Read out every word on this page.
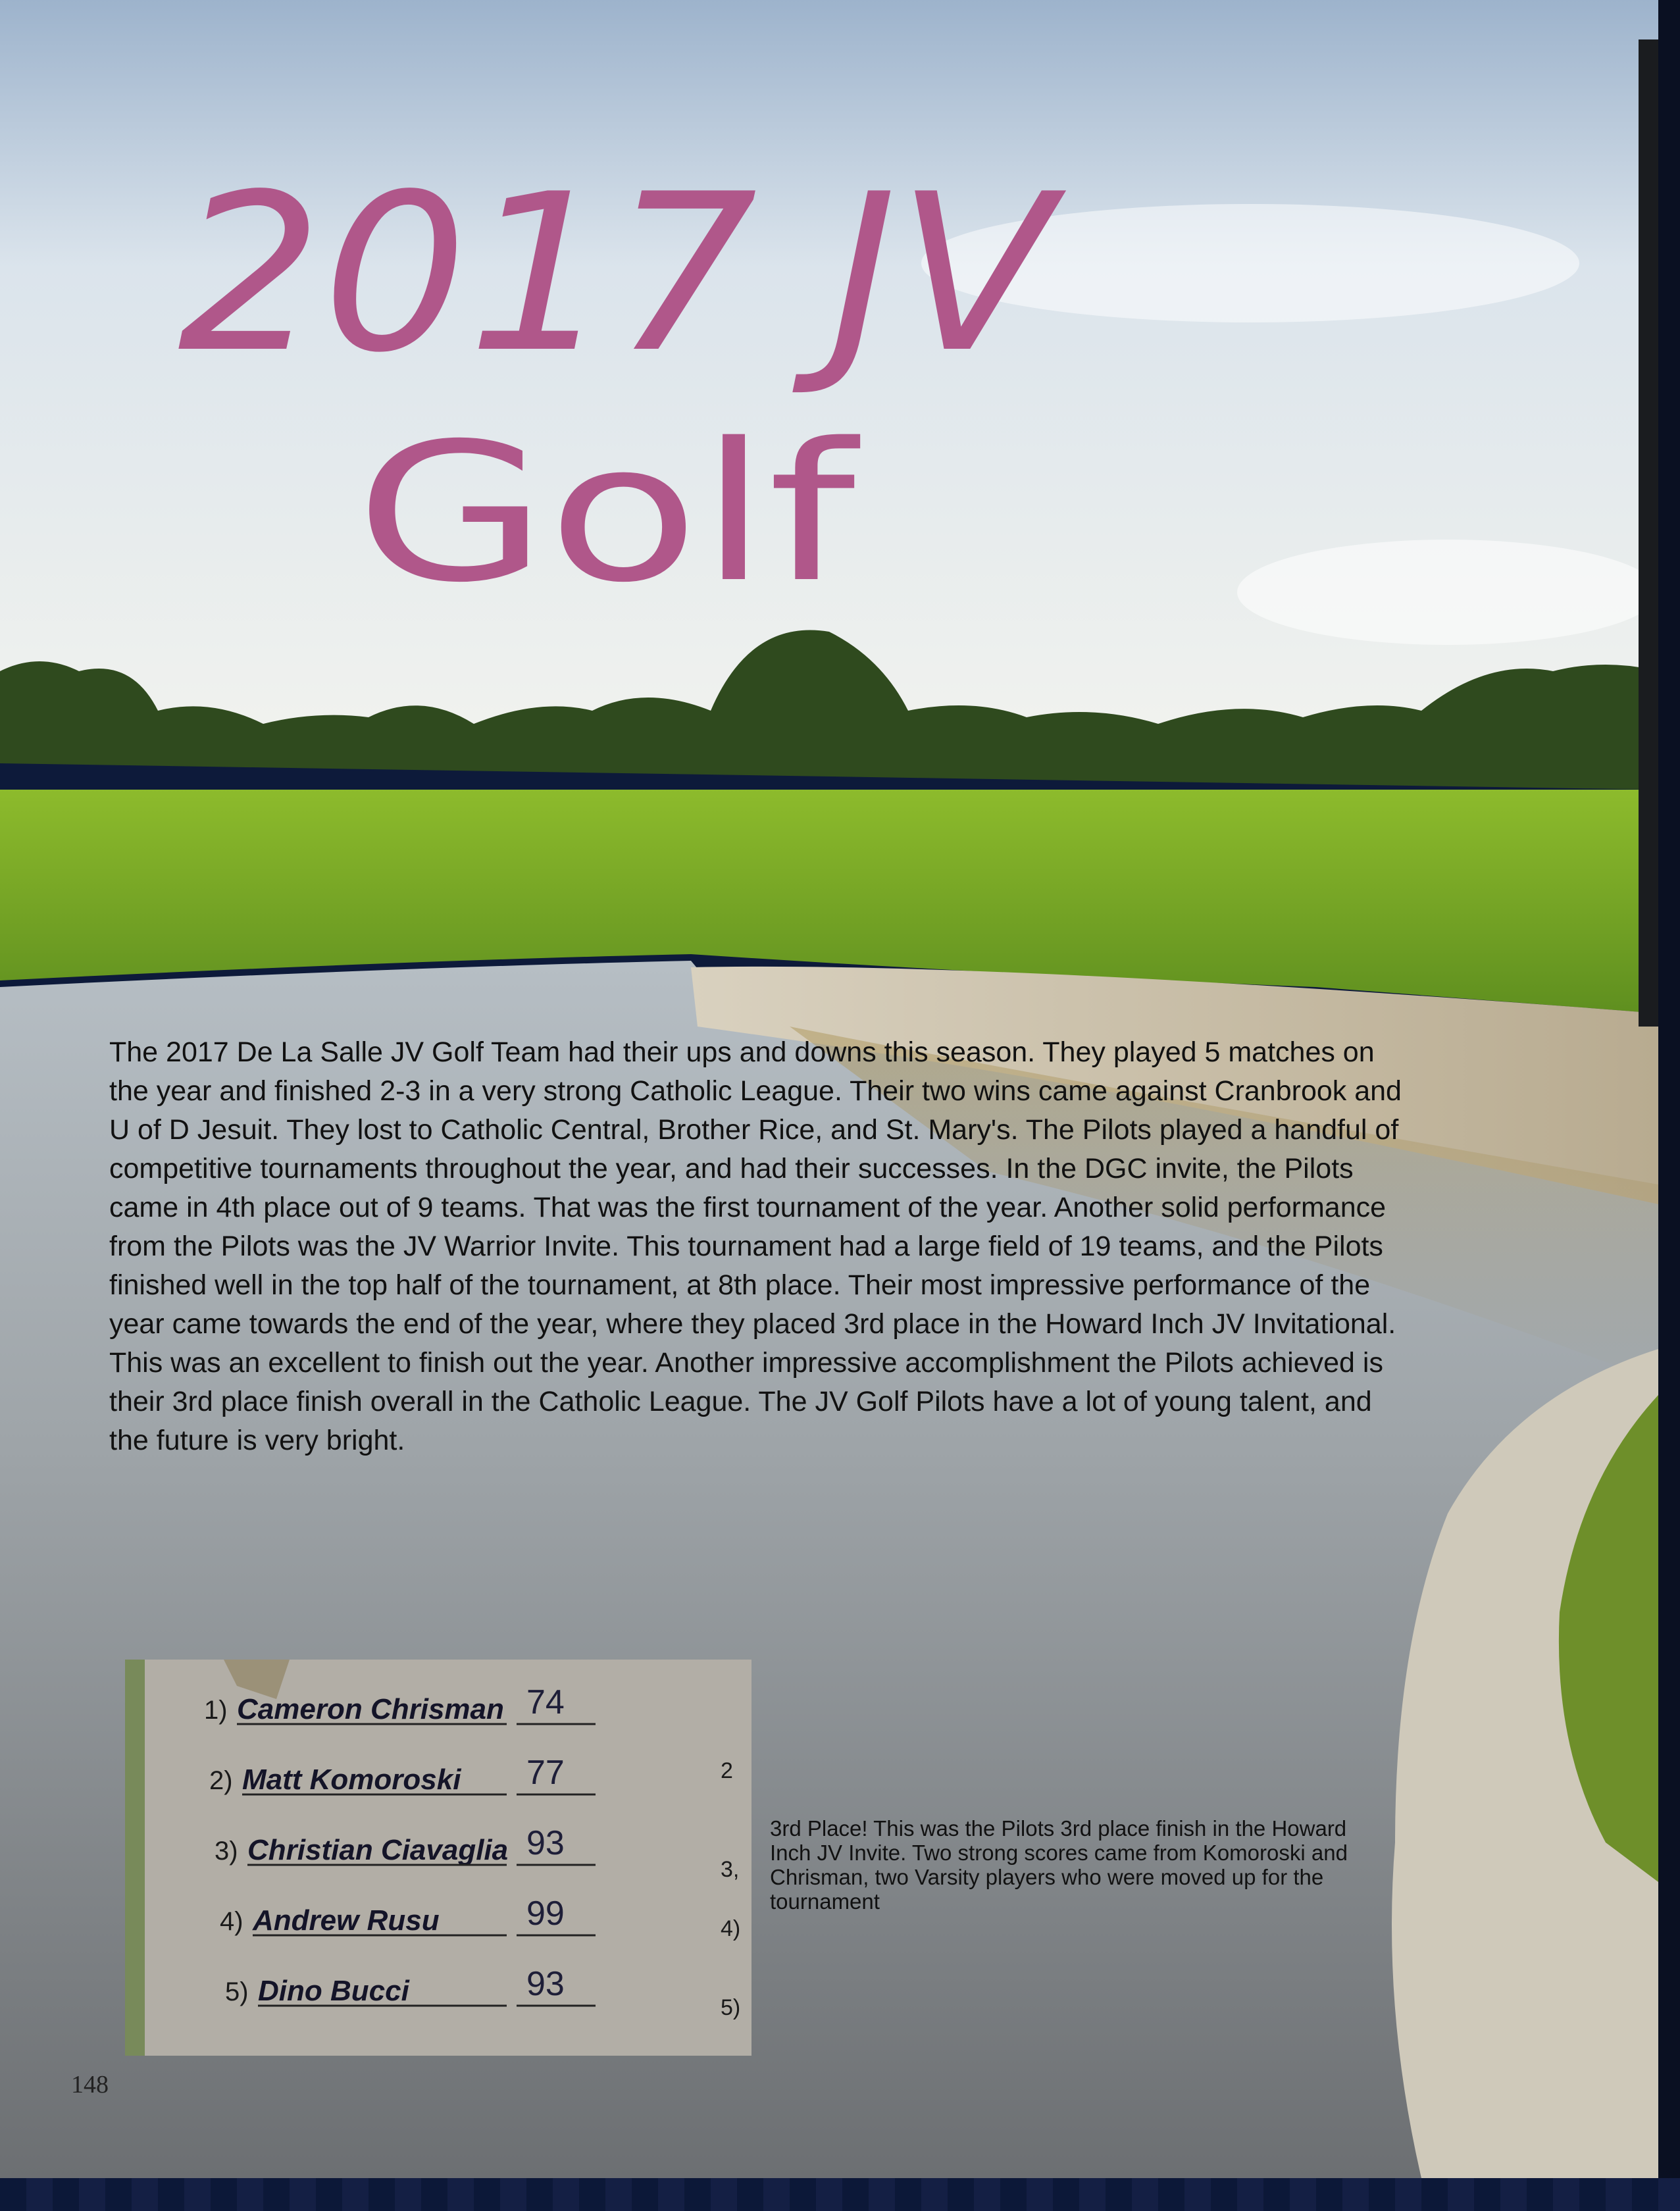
2017 JV
Golf

The 2017 De La Salle JV Golf Team had their ups and downs this season. They played 5 matches on the year and finished 2-3 in a very strong Catholic League. Their two wins came against Cranbrook and U of D Jesuit. They lost to Catholic Central, Brother Rice, and St. Mary's. The Pilots played a handful of competitive tournaments throughout the year, and had their successes. In the DGC invite, the Pilots came in 4th place out of 9 teams. That was the first tournament of the year. Another solid performance from the Pilots was the JV Warrior Invite. This tournament had a large field of 19 teams, and the Pilots finished well in the top half of the tournament, at 8th place. Their most impressive performance of the year came towards the end of the year, where they placed 3rd place in the Howard Inch JV Invitational. This was an excellent to finish out the year. Another impressive accomplishment the Pilots achieved is their 3rd place finish overall in the Catholic League. The JV Golf Pilots have a lot of young talent, and the future is very bright.

1) Cameron Chrisman 74
2) Matt Komoroski 77
3) Christian Ciavaglia 93
4) Andrew Rusu	99
5) Dino Bucci	93
2
3,
4)
5)

3rd Place! This was the Pilots 3rd place finish in the Howard Inch JV Invite. Two strong scores came from Komoroski and Chrisman, two Varsity players who were moved up for the tournament

148
